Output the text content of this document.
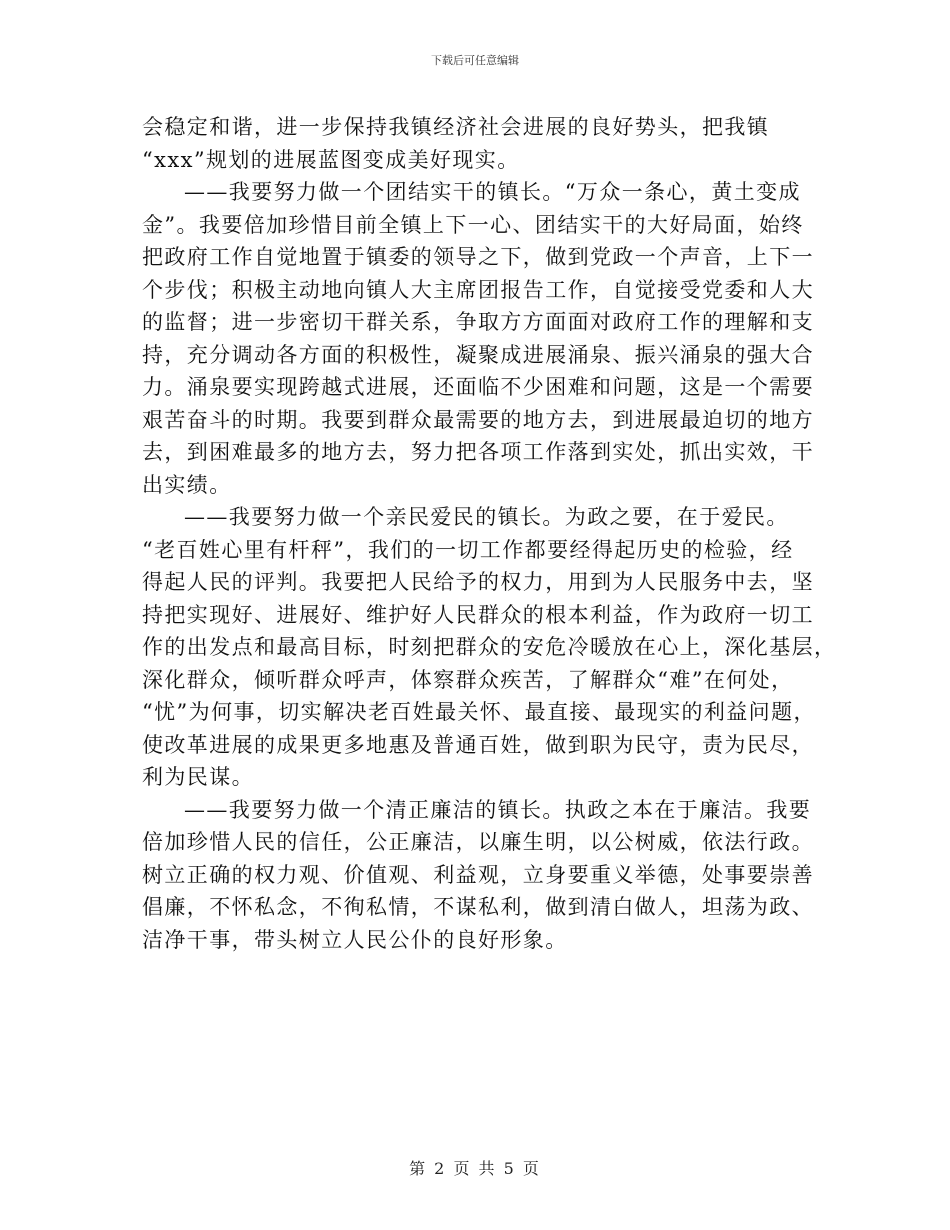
下载后可任意编辑
会稳定和谐，进一步保持我镇经济社会进展的良好势头，把我镇
“xxx”规划的进展蓝图变成美好现实。
——我要努力做一个团结实干的镇长。“万众一条心，黄土变成
金”。我要倍加珍惜目前全镇上下一心、团结实干的大好局面，始终
把政府工作自觉地置于镇委的领导之下，做到党政一个声音，上下一
个步伐；积极主动地向镇人大主席团报告工作，自觉接受党委和人大
的监督；进一步密切干群关系，争取方方面面对政府工作的理解和支
持，充分调动各方面的积极性，凝聚成进展涌泉、振兴涌泉的强大合
力。涌泉要实现跨越式进展，还面临不少困难和问题，这是一个需要
艰苦奋斗的时期。我要到群众最需要的地方去，到进展最迫切的地方
去，到困难最多的地方去，努力把各项工作落到实处，抓出实效，干
出实绩。
——我要努力做一个亲民爱民的镇长。为政之要，在于爱民。
“老百姓心里有杆秤”，我们的一切工作都要经得起历史的检验，经
得起人民的评判。我要把人民给予的权力，用到为人民服务中去，坚
持把实现好、进展好、维护好人民群众的根本利益，作为政府一切工
作的出发点和最高目标，时刻把群众的安危冷暖放在心上，深化基层，
深化群众，倾听群众呼声，体察群众疾苦，了解群众“难”在何处，
“忧”为何事，切实解决老百姓最关怀、最直接、最现实的利益问题，
使改革进展的成果更多地惠及普通百姓，做到职为民守，责为民尽，
利为民谋。
——我要努力做一个清正廉洁的镇长。执政之本在于廉洁。我要
倍加珍惜人民的信任，公正廉洁，以廉生明，以公树威，依法行政。
树立正确的权力观、价值观、利益观，立身要重义举德，处事要崇善
倡廉，不怀私念，不徇私情，不谋私利，做到清白做人，坦荡为政、
洁净干事，带头树立人民公仆的良好形象。
第 2 页 共 5 页
